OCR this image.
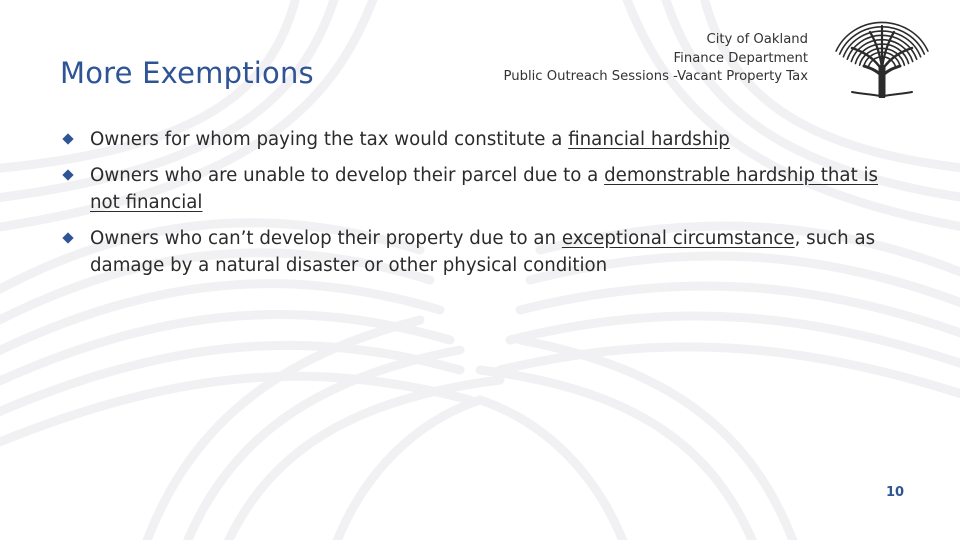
More Exemptions
City of Oakland
Finance Department
Public Outreach Sessions -Vacant Property Tax
Owners for whom paying the tax would constitute a financial hardship
Owners who are unable to develop their parcel due to a demonstrable hardship that is not financial
Owners who can’t develop their property due to an exceptional circumstance, such as damage by a natural disaster or other physical condition
10
